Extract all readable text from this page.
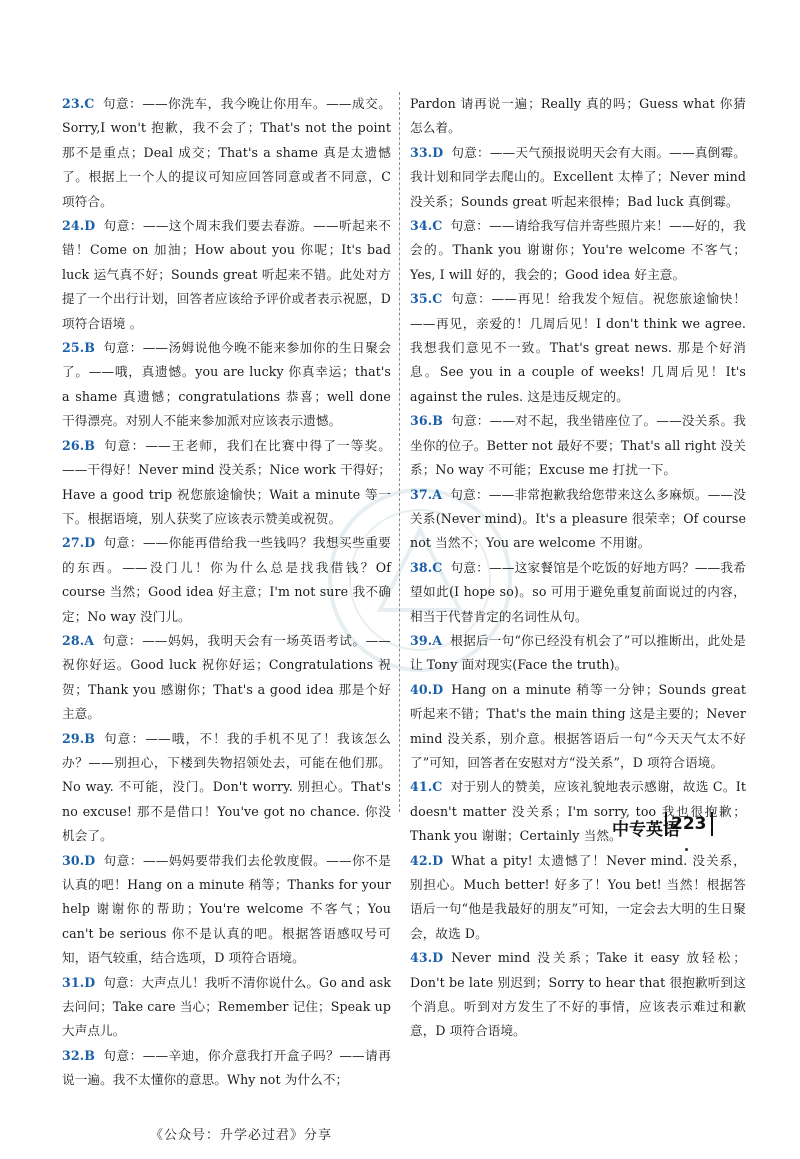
23.C 句意：——你洗车，我今晚让你用车。——成交。Sorry,I won't 抱歉，我不会了；That's not the point 那不是重点；Deal 成交；That's a shame 真是太遗憾了。根据上一个人的提议可知应回答同意或者不同意，C 项符合。

24.D 句意：——这个周末我们要去春游。——听起来不错！Come on 加油；How about you 你呢；It's bad luck 运气真不好；Sounds great 听起来不错。此处对方提了一个出行计划，回答者应该给予评价或者表示祝愿，D 项符合语境 。

25.B 句意：——汤姆说他今晚不能来参加你的生日聚会了。——哦，真遗憾。you are lucky 你真幸运；that's a shame 真遗憾；congratulations 恭喜；well done 干得漂亮。对别人不能来参加派对应该表示遗憾。

26.B 句意：——王老师，我们在比赛中得了一等奖。——干得好！Never mind 没关系；Nice work 干得好；Have a good trip 祝您旅途愉快；Wait a minute 等一下。根据语境，别人获奖了应该表示赞美或祝贺。

27.D 句意：——你能再借给我一些钱吗？我想买些重要的东西。——没门儿！你为什么总是找我借钱？Of course 当然；Good idea 好主意；I'm not sure 我不确定；No way 没门儿。

28.A 句意：——妈妈，我明天会有一场英语考试。——祝你好运。Good luck 祝你好运；Congratulations 祝贺；Thank you 感谢你；That's a good idea 那是个好主意。

29.B 句意：——哦，不！我的手机不见了！我该怎么办？——别担心，下楼到失物招领处去，可能在他们那。No way. 不可能，没门。Don't worry. 别担心。That's no excuse! 那不是借口！You've got no chance. 你没机会了。

30.D 句意：——妈妈要带我们去伦敦度假。——你不是认真的吧！Hang on a minute 稍等；Thanks for your help 谢谢你的帮助；You're welcome 不客气；You can't be serious 你不是认真的吧。根据答语感叹号可知，语气较重，结合选项，D 项符合语境。

31.D 句意：大声点儿！我听不清你说什么。Go and ask 去问问；Take care 当心；Remember 记住；Speak up 大声点儿。

32.B 句意：——辛迪，你介意我打开盒子吗？——请再说一遍。我不太懂你的意思。Why not 为什么不；

Pardon 请再说一遍；Really 真的吗；Guess what 你猜怎么着。

33.D 句意：——天气预报说明天会有大雨。——真倒霉。我计划和同学去爬山的。Excellent 太棒了；Never mind 没关系；Sounds great 听起来很棒；Bad luck 真倒霉。

34.C 句意：——请给我写信并寄些照片来！——好的，我会的。Thank you 谢谢你；You're welcome 不客气；Yes, I will 好的，我会的；Good idea 好主意。

35.C 句意：——再见！给我发个短信。祝您旅途愉快！——再见，亲爱的！几周后见！I don't think we agree. 我想我们意见不一致。That's great news. 那是个好消息。See you in a couple of weeks! 几周后见！It's against the rules. 这是违反规定的。

36.B 句意：——对不起，我坐错座位了。——没关系。我坐你的位子。Better not 最好不要；That's all right 没关系；No way 不可能；Excuse me 打扰一下。

37.A 句意：——非常抱歉我给您带来这么多麻烦。——没关系(Never mind)。It's a pleasure 很荣幸；Of course not 当然不；You are welcome 不用谢。

38.C 句意：——这家餐馆是个吃饭的好地方吗？——我希望如此(I hope so)。so 可用于避免重复前面说过的内容，相当于代替肯定的名词性从句。

39.A 根据后一句“你已经没有机会了”可以推断出，此处是让 Tony 面对现实(Face the truth)。

40.D Hang on a minute 稍等一分钟；Sounds great 听起来不错；That's the main thing 这是主要的；Never mind 没关系，别介意。根据答语后一句“今天天气太不好了”可知，回答者在安慰对方“没关系”，D 项符合语境。

41.C 对于别人的赞美，应该礼貌地表示感谢，故选 C。It doesn't matter 没关系；I'm sorry, too 我也很抱歉；Thank you 谢谢；Certainly 当然。

42.D What a pity! 太遗憾了！Never mind. 没关系，别担心。Much better! 好多了！You bet! 当然！根据答语后一句“他是我最好的朋友”可知，一定会去大明的生日聚会，故选 D。

43.D Never mind 没关系；Take it easy 放轻松；Don't be late 别迟到；Sorry to hear that 很抱歉听到这个消息。听到对方发生了不好的事情，应该表示难过和歉意，D 项符合语境。

中专英语
223
《公众号：升学必过君》分享
